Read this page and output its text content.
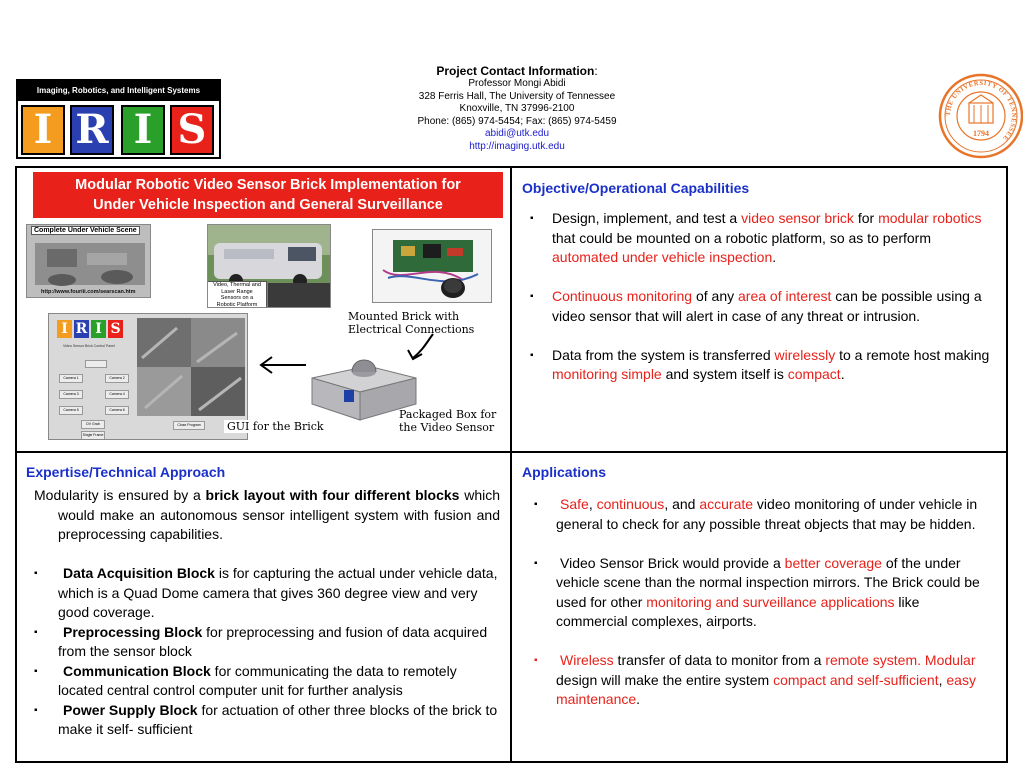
Imaging, Robotics, and Intelligent Systems
I R I S
Project Contact Information:
Professor Mongi Abidi
328 Ferris Hall, The University of Tennessee
Knoxville, TN 37996-2100
Phone: (865) 974-5454; Fax: (865) 974-5459
abidi@utk.edu
http://imaging.utk.edu
THE UNIVERSITY OF TENNESSEE
1794
Modular Robotic Video Sensor Brick Implementation for
Under Vehicle Inspection and General Surveillance
Complete Under Vehicle Scene
http://www.fouriii.com/searscan.htm
Video, Thermal and
Laser Range
Sensors on a
Robotic Platform
Mounted Brick with
Electrical Connections
I R I S
Video Sensor Brick Control Panel
Camera 1	Camera 2
Camera 3	Camera 4
Camera 5	Camera 6
DV Grab
Single Frame
Close Program	GUI for the Brick
Packaged Box for
the Video Sensor
Objective/Operational Capabilities
▪ Design, implement, and test a video sensor brick for modular robotics that could be mounted on a robotic platform, so as to perform automated under vehicle inspection.
▪ Continuous monitoring of any area of interest can be possible using a video sensor that will alert in case of any threat or intrusion.
▪ Data from the system is transferred wirelessly to a remote host making monitoring simple and system itself is compact.
Expertise/Technical Approach
Modularity is ensured by a brick layout with four different blocks which would make an autonomous sensor intelligent system with fusion and preprocessing capabilities.
▪ Data Acquisition Block is for capturing the actual under vehicle data, which is a Quad Dome camera that gives 360 degree view and very good coverage.
▪ Preprocessing Block for preprocessing and fusion of data acquired from the sensor block
▪ Communication Block for communicating the data to remotely located central control computer unit for further analysis
▪ Power Supply Block for actuation of other three blocks of the brick to make it self- sufficient
Applications
▪ Safe, continuous, and accurate video monitoring of under vehicle in general to check for any possible threat objects that may be hidden.
▪ Video Sensor Brick would provide a better coverage of the under vehicle scene than the normal inspection mirrors. The Brick could be used for other monitoring and surveillance applications like commercial complexes, airports.
▪ Wireless transfer of data to monitor from a remote system. Modular design will make the entire system compact and self-sufficient, easy maintenance.
